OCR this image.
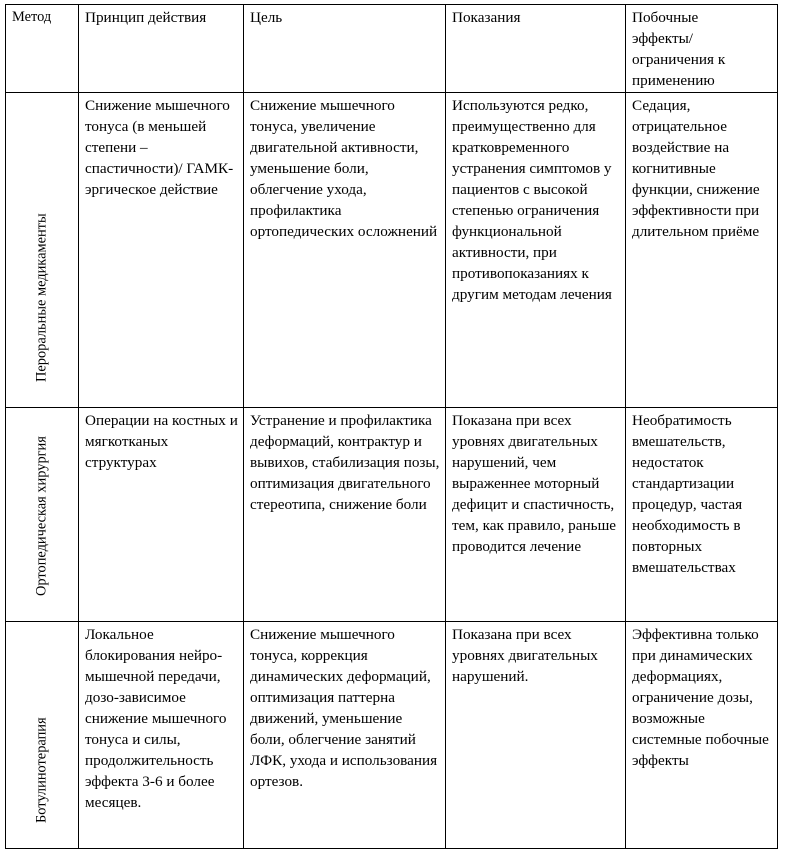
Метод	Принцип действия	Цель	Показания	Побочные
эффекты/
ограничения к
применению

Пероральные медикаменты	Снижение мышечного тонуса (в меньшей степени – спастичности)/ ГАМК-эргическое действие	Снижение мышечного тонуса, увеличение двигательной активности, уменьшение боли, облегчение ухода, профилактика ортопедических осложнений	Используются редко, преимущественно для кратковременного устранения симптомов у пациентов с высокой степенью ограничения функциональной активности, при противопоказаниях к другим методам лечения	Седация, отрицательное воздействие на когнитивные функции, снижение эффективности при длительном приёме

Ортопедическая хирургия	Операции на костных и мягкотканых структурах	Устранение и профилактика деформаций, контрактур и вывихов, стабилизация позы, оптимизация двигательного стереотипа, снижение боли	Показана при всех уровнях двигательных нарушений, чем выраженнее моторный дефицит и спастичность, тем, как правило, раньше проводится лечение	Необратимость вмешательств, недостаток стандартизации процедур, частая необходимость в повторных вмешательствах

Ботулинотерапия	Локальное блокирования нейро-мышечной передачи, дозо-зависимое снижение мышечного тонуса и силы, продолжительность эффекта 3-6 и более месяцев.	Снижение мышечного тонуса, коррекция динамических деформаций, оптимизация паттерна движений, уменьшение боли, облегчение занятий ЛФК, ухода и использования ортезов.	Показана при всех уровнях двигательных нарушений.	Эффективна только при динамических деформациях, ограничение дозы, возможные системные побочные эффекты
